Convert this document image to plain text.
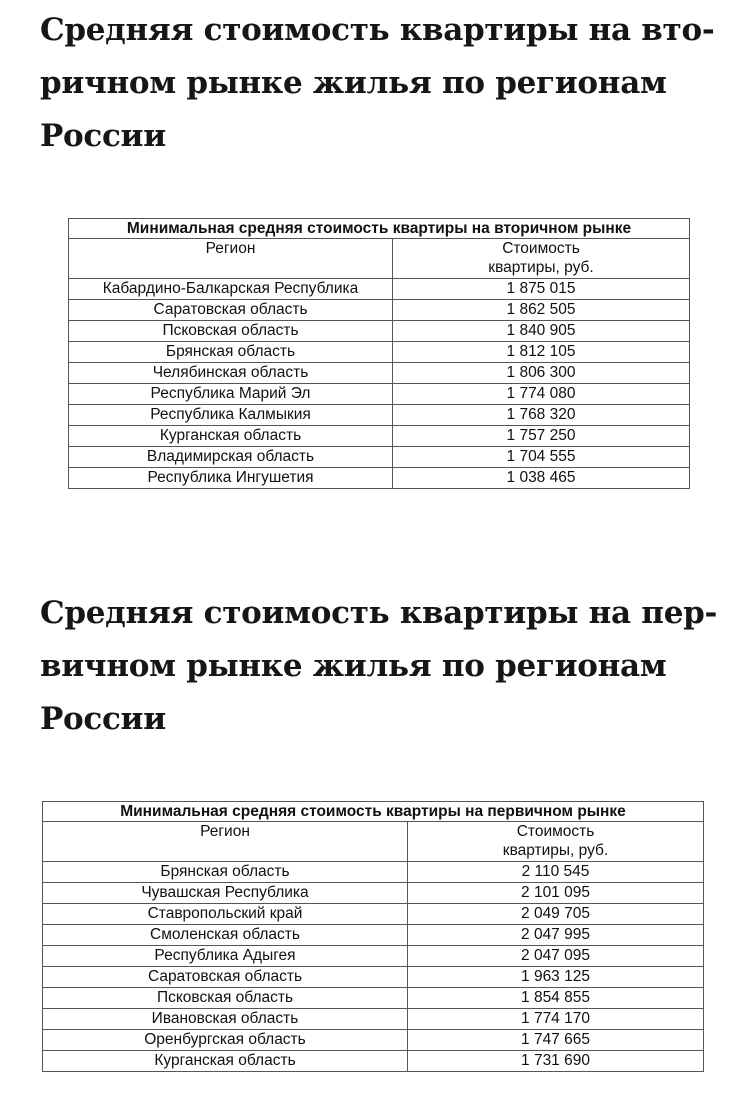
Средняя стоимость квартиры на вто-
ричном рынке жилья по регионам
России
Минимальная средняя стоимость квартиры на вторичном рынке	
Регион	Стоимость
квартиры, руб.
Кабардино-Балкарская Республика	1 875 015
Саратовская область	1 862 505
Псковская область	1 840 905
Брянская область	1 812 105
Челябинская область	1 806 300
Республика Марий Эл	1 774 080
Республика Калмыкия	1 768 320
Курганская область	1 757 250
Владимирская область	1 704 555
Республика Ингушетия	1 038 465
Средняя стоимость квартиры на пер-
вичном рынке жилья по регионам
России
Минимальная средняя стоимость квартиры на первичном рынке	
Регион	Стоимость
квартиры, руб.
Брянская область	2 110 545
Чувашская Республика	2 101 095
Ставропольский край	2 049 705
Смоленская область	2 047 995
Республика Адыгея	2 047 095
Саратовская область	1 963 125
Псковская область	1 854 855
Ивановская область	1 774 170
Оренбургская область	1 747 665
Курганская область	1 731 690
